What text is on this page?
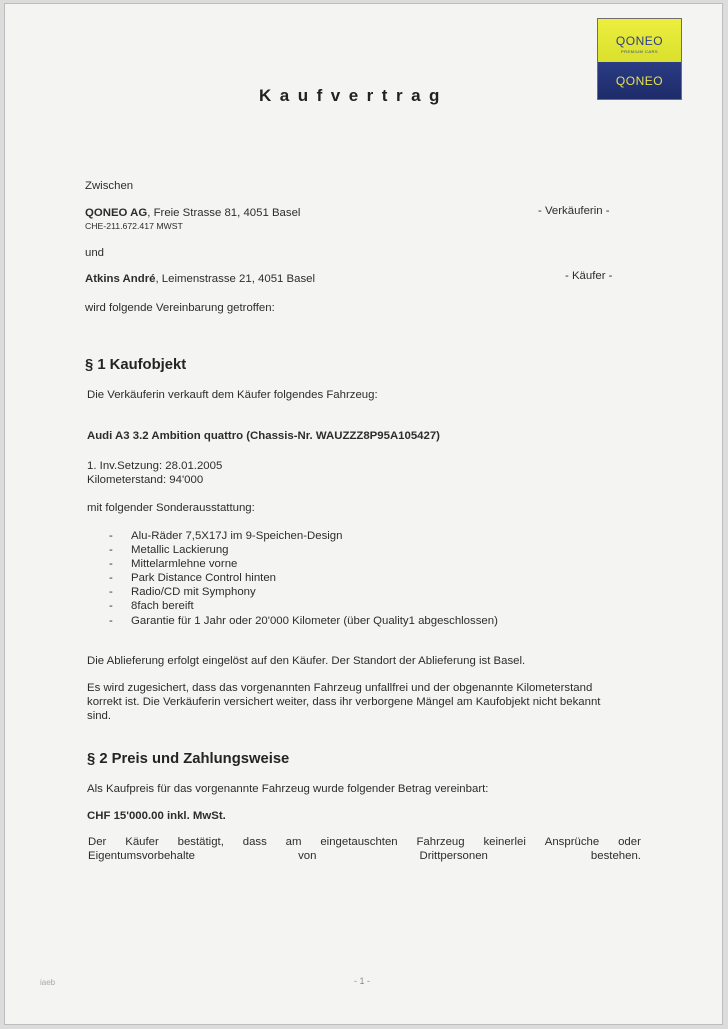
QONEO
PREMIUM CARS
QONEO
Kaufvertrag
Zwischen
QONEO AG, Freie Strasse 81, 4051 Basel	- Verkäuferin -
CHE-211.672.417 MWST
und
Atkins André, Leimenstrasse 21, 4051 Basel	- Käufer -
wird folgende Vereinbarung getroffen:
§ 1 Kaufobjekt
Die Verkäuferin verkauft dem Käufer folgendes Fahrzeug:
Audi A3 3.2 Ambition quattro (Chassis-Nr. WAUZZZ8P95A105427)
1. Inv.Setzung: 28.01.2005
Kilometerstand: 94'000
mit folgender Sonderausstattung:
- Alu-Räder 7,5X17J im 9-Speichen-Design
- Metallic Lackierung
- Mittelarmlehne vorne
- Park Distance Control hinten
- Radio/CD mit Symphony
- 8fach bereift
- Garantie für 1 Jahr oder 20'000 Kilometer (über Quality1 abgeschlossen)
Die Ablieferung erfolgt eingelöst auf den Käufer. Der Standort der Ablieferung ist Basel.
Es wird zugesichert, dass das vorgenannten Fahrzeug unfallfrei und der obgenannte Kilometerstand
korrekt ist. Die Verkäuferin versichert weiter, dass ihr verborgene Mängel am Kaufobjekt nicht bekannt
sind.
§ 2 Preis und Zahlungsweise
Als Kaufpreis für das vorgenannte Fahrzeug wurde folgender Betrag vereinbart:
CHF 15'000.00 inkl. MwSt.
Der Käufer bestätigt, dass am eingetauschten Fahrzeug keinerlei Ansprüche oder
Eigentumsvorbehalte	von	Drittpersonen	bestehen.
iaeb	- 1 -
